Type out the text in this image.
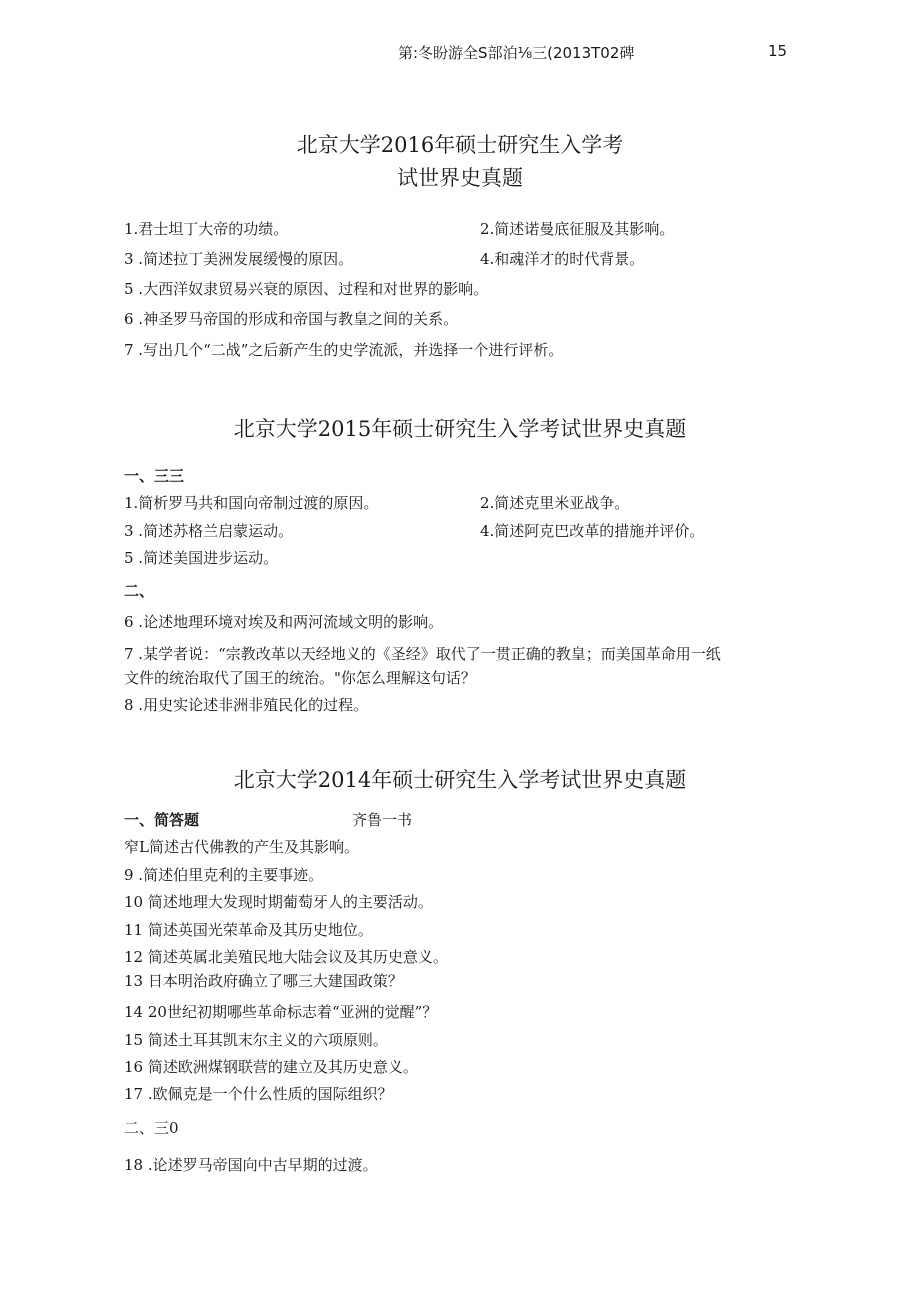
第:冬盼游全S部泊⅛三(2013T02碑	15
北京大学2016年硕士研究生入学考
试世界史真题
1.君士坦丁大帝的功绩。	2.简述诺曼底征服及其影响。
3 .简述拉丁美洲发展缓慢的原因。	4.和魂洋才的时代背景。
5 .大西洋奴隶贸易兴衰的原因、过程和对世界的影响。
6 .神圣罗马帝国的形成和帝国与教皇之间的关系。
7 .写出几个“二战”之后新产生的史学流派，并选择一个进行评析。
北京大学2015年硕士研究生入学考试世界史真题
一、三三
1.简析罗马共和国向帝制过渡的原因。	2.简述克里米亚战争。
3 .简述苏格兰启蒙运动。	4.简述阿克巴改革的措施并评价。
5 .简述美国进步运动。
二、
6 .论述地理环境对埃及和两河流域文明的影响。
7 .某学者说：“宗教改革以天经地义的《圣经》取代了一贯正确的教皇；而美国革命用一纸
文件的统治取代了国王的统治。"你怎么理解这句话？
8 .用史实论述非洲非殖民化的过程。
北京大学2014年硕士研究生入学考试世界史真题
一、简答题	齐鲁一书
窄L简述古代佛教的产生及其影响。
9 .简述伯里克利的主要事迹。
10 简述地理大发现时期葡萄牙人的主要活动。
11 简述英国光荣革命及其历史地位。
12 简述英属北美殖民地大陆会议及其历史意义。
13 日本明治政府确立了哪三大建国政策？
14 20世纪初期哪些革命标志着“亚洲的觉醒”？
15 简述土耳其凯末尔主义的六项原则。
16 简述欧洲煤钢联营的建立及其历史意义。
17 .欧佩克是一个什么性质的国际组织？
二、三0
18 .论述罗马帝国向中古早期的过渡。
